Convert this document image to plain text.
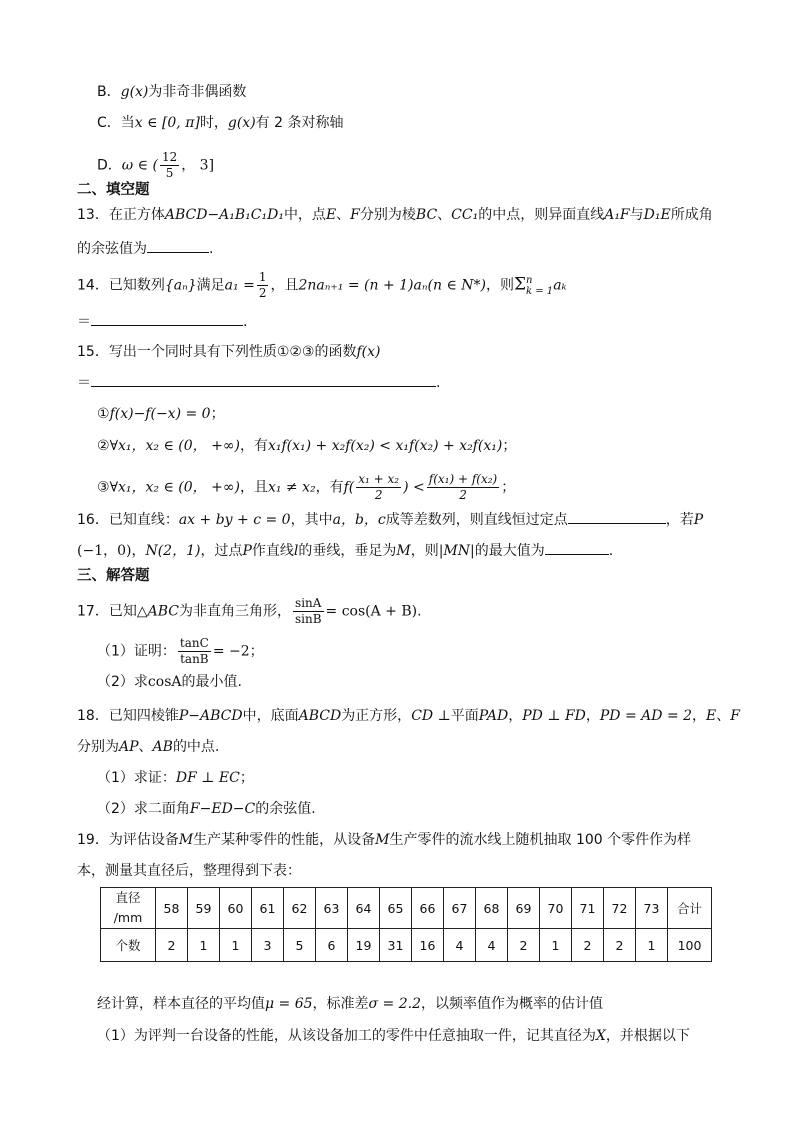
B．g(x)为非奇非偶函数
C．当x ∈ [0, π]时，g(x)有 2 条对称轴
D．ω ∈ ( $\frac{12}{5}$ ， 3]
二、填空题
13．在正方体ABCD−A₁B₁C₁D₁中，点E、F分别为棱BC、CC₁的中点，则异面直线A₁F与D₁E所成角
的余弦值为	.
14．已知数列{aₙ}满足$a_1 = \frac{1}{2}$ ，且2naₙ₊₁ = (n + 1)aₙ(n ∈ N*)，则Σ n
k = 1 aₖ
＝	.
15．写出一个同时具有下列性质①②③的函数f(x)
＝	.
①f(x)−f(−x) = 0；
②∀x₁，x₂ ∈ (0， +∞)，有x₁f(x₁) + x₂f(x₂) < x₁f(x₂) + x₂f(x₁)；
③∀x₁，x₂ ∈ (0， +∞)，且x₁ ≠ x₂，有$f( \frac{\text{x₁ + x₂}}{2}$ ) < $\frac{\text{f(x₁) + f(x₂)}}{2}$ ；
16．已知直线：ax + by + c = 0，其中a，b，c成等差数列，则直线恒过定点	，若P
(−1，0)，N(2，1)，过点P作直线l的垂线，垂足为M，则|MN|的最大值为	.
三、解答题
17．已知△ABC为非直角三角形， $\frac{\sin A}{\sin B} = \cos(A + B)$.
（1）证明： $\frac{\tan C}{\tan B} = -2$；
（2）求cosA的最小值.
18．已知四棱锥P−ABCD中，底面ABCD为正方形，CD ⊥平面PAD，PD ⊥ FD，PD = AD = 2，E、F
分别为AP、AB的中点.
（1）求证：DF ⊥ EC；
（2）求二面角F−ED−C的余弦值.
19．为评估设备M生产某种零件的性能，从设备M生产零件的流水线上随机抽取 100 个零件作为样
本，测量其直径后，整理得到下表：
直径
/mm	58	59	60	61	62	63	64	65	66	67	68	69	70	71	72	73	合计
个数	2	1	1	3	5	6	19	31	16	4	4	2	1	2	2	1	100
经计算，样本直径的平均值μ = 65，标准差σ = 2.2，以频率值作为概率的估计值
（1）为评判一台设备的性能，从该设备加工的零件中任意抽取一件，记其直径为X，并根据以下
